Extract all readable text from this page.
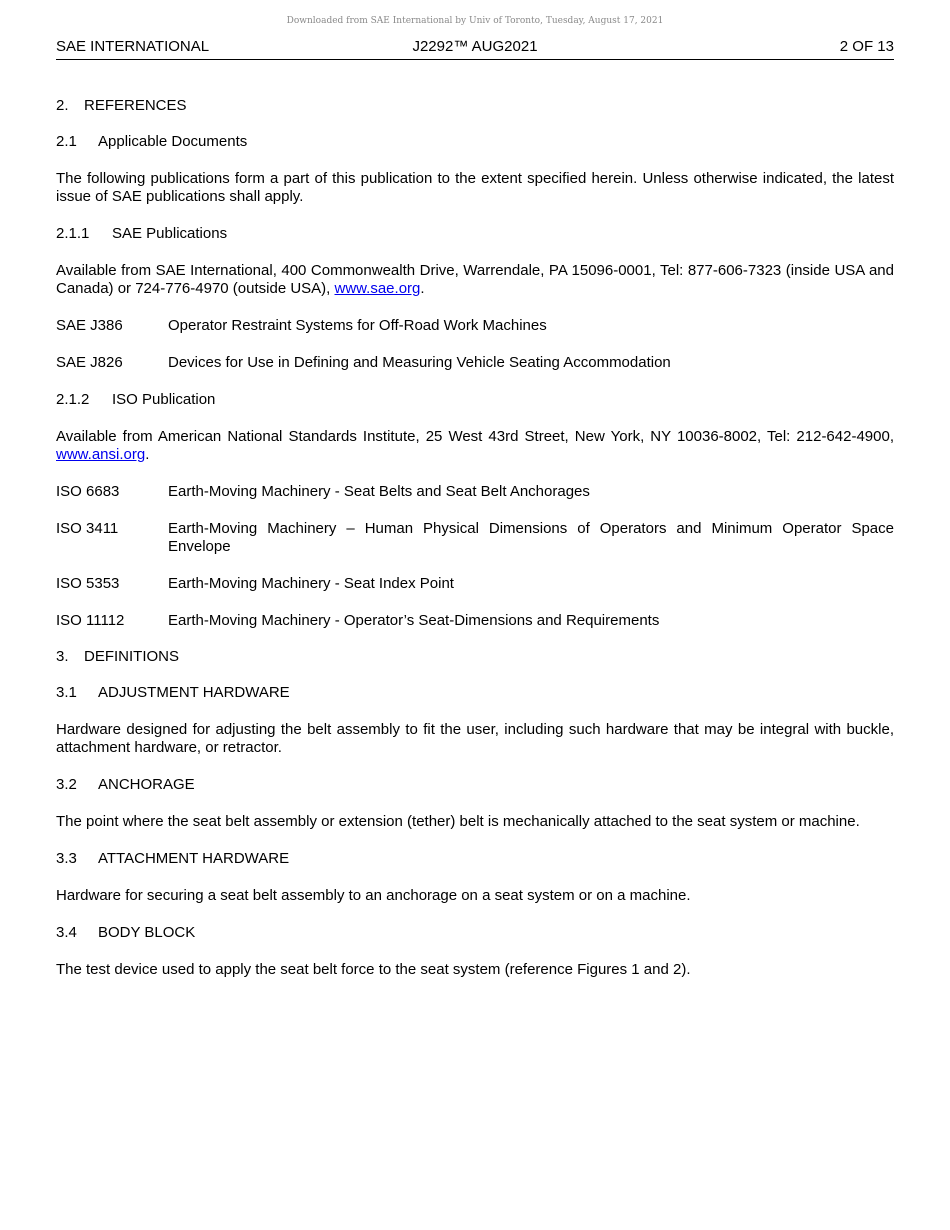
Downloaded from SAE International by Univ of Toronto, Tuesday, August 17, 2021
SAE INTERNATIONAL	J2292™ AUG2021	2 OF 13
2. REFERENCES
2.1 Applicable Documents
The following publications form a part of this publication to the extent specified herein. Unless otherwise indicated, the latest issue of SAE publications shall apply.
2.1.1 SAE Publications
Available from SAE International, 400 Commonwealth Drive, Warrendale, PA 15096-0001, Tel: 877-606-7323 (inside USA and Canada) or 724-776-4970 (outside USA), www.sae.org.
SAE J386	Operator Restraint Systems for Off-Road Work Machines
SAE J826	Devices for Use in Defining and Measuring Vehicle Seating Accommodation
2.1.2 ISO Publication
Available from American National Standards Institute, 25 West 43rd Street, New York, NY 10036-8002, Tel: 212-642-4900, www.ansi.org.
ISO 6683	Earth-Moving Machinery - Seat Belts and Seat Belt Anchorages
ISO 3411	Earth-Moving Machinery – Human Physical Dimensions of Operators and Minimum Operator Space Envelope
ISO 5353	Earth-Moving Machinery - Seat Index Point
ISO 11112	Earth-Moving Machinery - Operator’s Seat-Dimensions and Requirements
3. DEFINITIONS
3.1 ADJUSTMENT HARDWARE
Hardware designed for adjusting the belt assembly to fit the user, including such hardware that may be integral with buckle, attachment hardware, or retractor.
3.2 ANCHORAGE
The point where the seat belt assembly or extension (tether) belt is mechanically attached to the seat system or machine.
3.3 ATTACHMENT HARDWARE
Hardware for securing a seat belt assembly to an anchorage on a seat system or on a machine.
3.4 BODY BLOCK
The test device used to apply the seat belt force to the seat system (reference Figures 1 and 2).
